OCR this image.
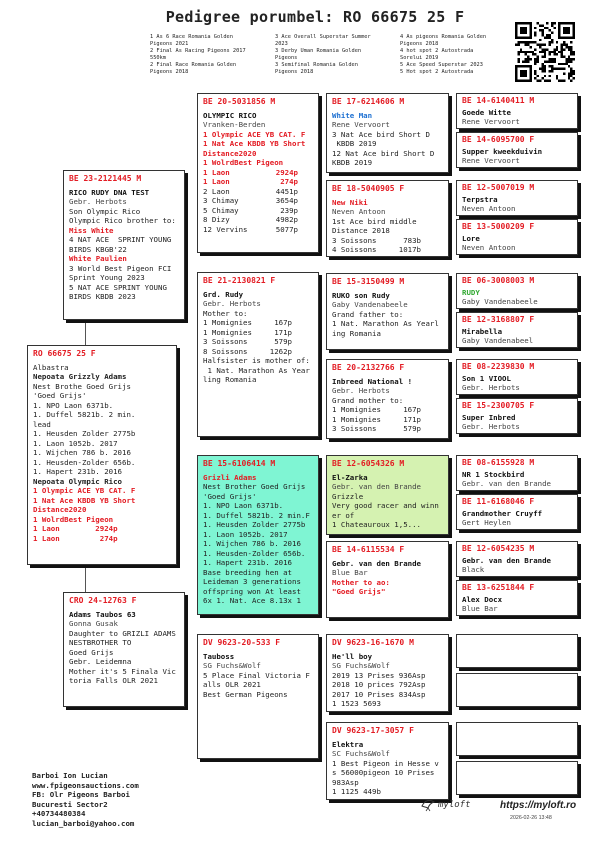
Pedigree porumbel: RO 66675 25 F
1 As 6 Race Romania Golden
Pigeons 2021
2 Final As Racing Pigeons 2017
550km
2 Final Race Romania Golden
Pigeons 2018
3 Ace Overall Superstar Summer
2023
3 Derby Uman Romania Golden
Pigeons
3 Semifinal Romania Golden
Pigeons 2018
4 As pigeons Romania Golden
Pigeons 2018
4 hot spot 2 Autostrada
Sorelui 2019
5 Ace Speed Superstar 2023
5 Hot spot 2 Autostrada
RO 66675 25 F
Albastra
Nepoata Grizzly Adams
Nest Brothe Goed Grijs
'Goed Grijs'
1. NPO Laon 6371b.
1. Duffel 5821b. 2 min.
lead
1. Heusden Zolder 2775b
1. Laon 1052b. 2017
1. Wijchen 786 b. 2016
1. Heusden-Zolder 656b.
1. Hapert 231b. 2016
Nepoata Olympic Rico
1 Olympic ACE YB CAT. F
1 Nat Ace KBDB YB Short
Distance2020
1 WolrdBest Pigeon
1 Laon        2924p
1 Laon         274p
BE 23-2121445 M
RICO RUDY DNA TEST
Gebr. Herbots
Son Olympic Rico
Olympic Rico brother to:
Miss White
4 NAT ACE  SPRINT YOUNG
BIRDS KBGB'22
White Paulien
3 World Best Pigeon FCI
Sprint Young 2023
5 NAT ACE SPRINT YOUNG
BIRDS KBDB 2023
CRO 24-12763 F
Adams Taubos 63
Gonna Gusak
Daughter to GRIZLI ADAMS
NESTBROTHER TO
Goed Grijs
Gebr. Leidemna
Mother it's 5 Finala Vic
toria Falls OLR 2021
BE 20-5031856 M
OLYMPIC RICO
Vranken-Berden
1 Olympic ACE YB CAT. F
1 Nat Ace KBDB YB Short
Distance2020
1 WolrdBest Pigeon
1 Laon	2924p
1 Laon	274p
2 Laon	4451p
3 Chimay	3654p
5 Chimay	239p
8 Dizy	4982p
12 Vervins	5077p
BE 21-2130821 F
Grd. Rudy
Gebr. Herbots
Mother to:
1 Momignies     167p
1 Momignies     171p
3 Soissons      579p
8 Soissons     1262p
Halfsister is mother of:
1 Nat. Marathon As Year
ling Romania
BE 15-6106414 M
Grizli Adams
Nest Brother Goed Grijs
'Goed Grijs'
1. NPO Laon 6371b.
1. Duffel 5821b. 2 min.F
1. Heusden Zolder 2775b
1. Laon 1052b. 2017
1. Wijchen 786 b. 2016
1. Heusden-Zolder 656b.
1. Hapert 231b. 2016
Base breeding hen at
Leideman 3 generations
offspring won At least
6x 1. Nat. Ace 8.13x 1
DV 9623-20-533 F
Tauboss
SG Fuchs&Wolf
5 Place Final Victoria F
alls OLR 2021
Best German Pigeons
BE 17-6214606 M
White Man
Rene Vervoort
3 Nat Ace bird Short D
KBDB 2019
12 Nat Ace bird Short D
KBDB 2019
BE 18-5040905 F
New Niki
Neven Antoon
1st Ace bird middle
Distance 2018
3 Soissons      783b
4 Soissons     1017b
BE 15-3150499 M
RUKO son Rudy
Gaby Vandenabeele
Grand father to:
1 Nat. Marathon As Yearl
ing Romania
BE 20-2132766 F
Inbreed National !
Gebr. Herbots
Grand mother to:
1 Momignies     167p
1 Momignies     171p
3 Soissons      579p
BE 12-6054326 M
El-Zarka
Gebr. van den Brande
Grizzle
Very good racer and winn
er of
1 Chateauroux 1,5...
BE 14-6115534 F
Gebr. van den Brande
Blue Bar
Mother to ao:
"Goed Grijs"
DV 9623-16-1670 M
He'll boy
SG Fuchs&Wolf
2019 13 Prises 936Asp
2018 10 prices 792Asp
2017 10 Prises 834Asp
1 1523 5693
DV 9623-17-3057 F
Elektra
SC Fuchs&Wolf
1 Best Pigeon in Hesse v
s 56000pigeon 10 Prises
983Asp
1 1125 449b
BE 14-6140411 M
Goede Witte
Rene Vervoort
BE 14-6095700 F
Supper kweekduivin
Rene Vervoort
BE 12-5007019 M
Terpstra
Neven Antoon
BE 13-5000209 F
Lore
Neven Antoon
BE 06-3008003 M
RUDY
Gaby Vandenabeele
BE 12-3168807 F
Mirabella
Gaby Vandenabeel
BE 08-2239830 M
Son 1 VIOOL
Gebr. Herbots
BE 15-2300705 F
Super Inbred
Gebr. Herbots
BE 08-6155928 M
NR 1 Stockbird
Gebr. van den Brande
BE 11-6168046 F
Grandmother Cruyff
Gert Heylen
BE 12-6054235 M
Gebr. van den Brande
Black
BE 13-6251844 F
Alex Docx
Blue Bar
Barboi Ion Lucian
www.fpigeonsauctions.com
FB: Olr Pigeons Barboi
Bucuresti Sector2
+40734480384
lucian_barboi@yahoo.com
myloft	https://myloft.ro
2026-02-26 13:48
